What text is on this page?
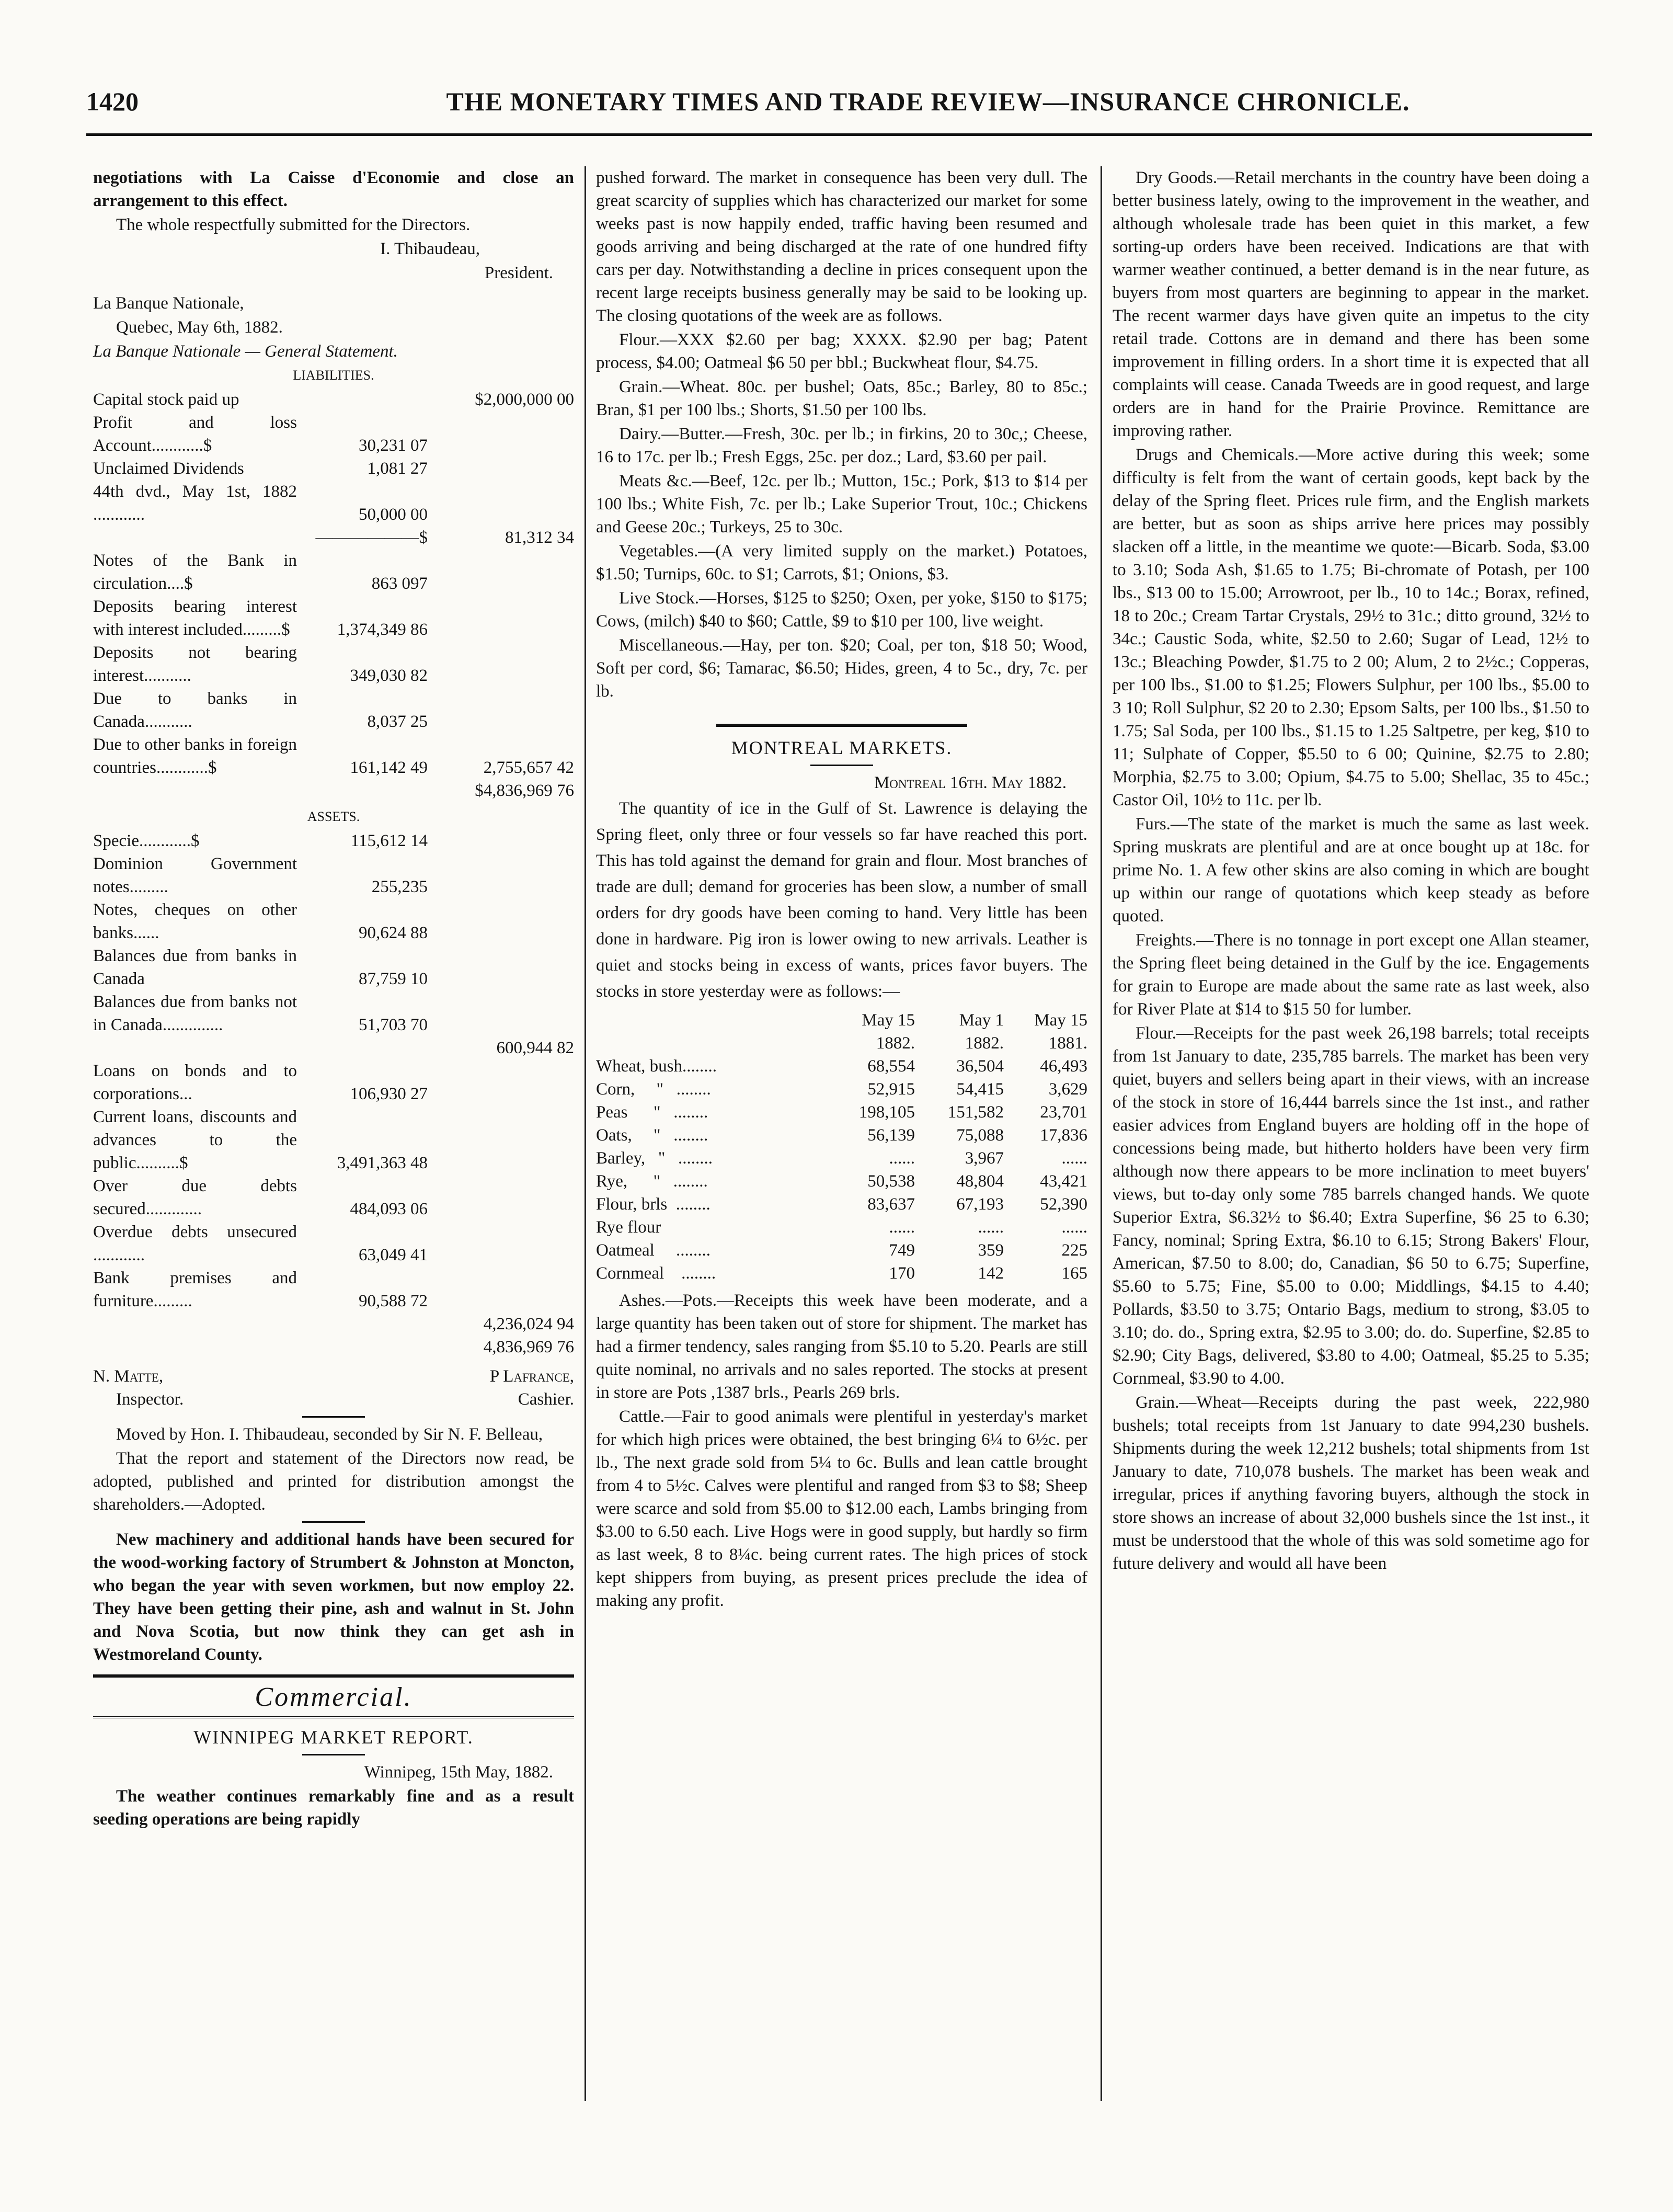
1420	THE MONETARY TIMES AND TRADE REVIEW—INSURANCE CHRONICLE.

negotiations with La Caisse d'Economie and close an arrangement to this effect.

The whole respectfully submitted for the Directors.

I. Thibaudeau,

President.

La Banque Nationale,

Quebec, May 6th, 1882.

La Banque Nationale — General Statement.

LIABILITIES.

Capital stock paid up		$2,000,000 00
Profit and loss Account............$	30,231 07	
Unclaimed Dividends	1,081 27	
44th dvd., May 1st, 1882 ............	50,000 00	
	——————$	81,312 34
Notes of the Bank in circulation....$	863 097	
Deposits bearing interest with interest included.........$	1,374,349 86	
Deposits not bearing interest...........	349,030 82	
Due to banks in Canada...........	8,037 25	
Due to other banks in foreign countries............$	161,142 49	2,755,657 42
		$4,836,969 76

ASSETS.

Specie............$	115,612 14	
Dominion Government notes.........	255,235	
Notes, cheques on other banks......	90,624 88	
Balances due from banks in Canada	87,759 10	
Balances due from banks not in Canada..............	51,703 70	
		600,944 82
Loans on bonds and to corporations...	106,930 27	
Current loans, discounts and advances to the public..........$	3,491,363 48	
Over due debts secured.............	484,093 06	
Overdue debts unsecured ............	63,049 41	
Bank premises and furniture.........	90,588 72	
		4,236,024 94
		4,836,969 76
N. Matte,	P Lafrance,
Inspector.	Cashier.

Moved by Hon. I. Thibaudeau, seconded by Sir N. F. Belleau,

That the report and statement of the Directors now read, be adopted, published and printed for distribution amongst the shareholders.—Adopted.

New machinery and additional hands have been secured for the wood-working factory of Strumbert & Johnston at Moncton, who began the year with seven workmen, but now employ 22. They have been getting their pine, ash and walnut in St. John and Nova Scotia, but now think they can get ash in Westmoreland County.

Commercial.
WINNIPEG MARKET REPORT.

Winnipeg, 15th May, 1882.

The weather continues remarkably fine and as a result seeding operations are being rapidly

pushed forward. The market in consequence has been very dull. The great scarcity of supplies which has characterized our market for some weeks past is now happily ended, traffic having been resumed and goods arriving and being discharged at the rate of one hundred fifty cars per day. Notwithstanding a decline in prices consequent upon the recent large receipts business generally may be said to be looking up. The closing quotations of the week are as follows.

Flour.—XXX $2.60 per bag; XXXX. $2.90 per bag; Patent process, $4.00; Oatmeal $6 50 per bbl.; Buckwheat flour, $4.75.

Grain.—Wheat. 80c. per bushel; Oats, 85c.; Barley, 80 to 85c.; Bran, $1 per 100 lbs.; Shorts, $1.50 per 100 lbs.

Dairy.—Butter.—Fresh, 30c. per lb.; in firkins, 20 to 30c,; Cheese, 16 to 17c. per lb.; Fresh Eggs, 25c. per doz.; Lard, $3.60 per pail.

Meats &c.—Beef, 12c. per lb.; Mutton, 15c.; Pork, $13 to $14 per 100 lbs.; White Fish, 7c. per lb.; Lake Superior Trout, 10c.; Chickens and Geese 20c.; Turkeys, 25 to 30c.

Vegetables.—(A very limited supply on the market.) Potatoes, $1.50; Turnips, 60c. to $1; Carrots, $1; Onions, $3.

Live Stock.—Horses, $125 to $250; Oxen, per yoke, $150 to $175; Cows, (milch) $40 to $60; Cattle, $9 to $10 per 100, live weight.

Miscellaneous.—Hay, per ton. $20; Coal, per ton, $18 50; Wood, Soft per cord, $6; Tamarac, $6.50; Hides, green, 4 to 5c., dry, 7c. per lb.

MONTREAL MARKETS.

Montreal 16th. May 1882.

The quantity of ice in the Gulf of St. Lawrence is delaying the Spring fleet, only three or four vessels so far have reached this port. This has told against the demand for grain and flour. Most branches of trade are dull; demand for groceries has been slow, a number of small orders for dry goods have been coming to hand. Very little has been done in hardware. Pig iron is lower owing to new arrivals. Leather is quiet and stocks being in excess of wants, prices favor buyers. The stocks in store yesterday were as follows:—

	May 15	May 1	May 15
	1882.	1882.	1881.
Wheat, bush........	68,554	36,504	46,493
Corn,     "   ........	52,915	54,415	3,629
Peas      "   ........	198,105	151,582	23,701
Oats,     "   ........	56,139	75,088	17,836
Barley,   "   ........	......	3,967	......
Rye,      "   ........	50,538	48,804	43,421
Flour, brls  ........	83,637	67,193	52,390
Rye flour	......	......	......
Oatmeal     ........	749	359	225
Cornmeal    ........	170	142	165

Ashes.—Pots.—Receipts this week have been moderate, and a large quantity has been taken out of store for shipment. The market has had a firmer tendency, sales ranging from $5.10 to 5.20. Pearls are still quite nominal, no arrivals and no sales reported. The stocks at present in store are Pots ,1387 brls., Pearls 269 brls.

Cattle.—Fair to good animals were plentiful in yesterday's market for which high prices were obtained, the best bringing 6¼ to 6½c. per lb., The next grade sold from 5¼ to 6c. Bulls and lean cattle brought from 4 to 5½c. Calves were plentiful and ranged from $3 to $8; Sheep were scarce and sold from $5.00 to $12.00 each, Lambs bringing from $3.00 to 6.50 each. Live Hogs were in good supply, but hardly so firm as last week, 8 to 8¼c. being current rates. The high prices of stock kept shippers from buying, as present prices preclude the idea of making any profit.

Dry Goods.—Retail merchants in the country have been doing a better business lately, owing to the improvement in the weather, and although wholesale trade has been quiet in this market, a few sorting-up orders have been received. Indications are that with warmer weather continued, a better demand is in the near future, as buyers from most quarters are beginning to appear in the market. The recent warmer days have given quite an impetus to the city retail trade. Cottons are in demand and there has been some improvement in filling orders. In a short time it is expected that all complaints will cease. Canada Tweeds are in good request, and large orders are in hand for the Prairie Province. Remittance are improving rather.

Drugs and Chemicals.—More active during this week; some difficulty is felt from the want of certain goods, kept back by the delay of the Spring fleet. Prices rule firm, and the English markets are better, but as soon as ships arrive here prices may possibly slacken off a little, in the meantime we quote:—Bicarb. Soda, $3.00 to 3.10; Soda Ash, $1.65 to 1.75; Bi-chromate of Potash, per 100 lbs., $13 00 to 15.00; Arrowroot, per lb., 10 to 14c.; Borax, refined, 18 to 20c.; Cream Tartar Crystals, 29½ to 31c.; ditto ground, 32½ to 34c.; Caustic Soda, white, $2.50 to 2.60; Sugar of Lead, 12½ to 13c.; Bleaching Powder, $1.75 to 2 00; Alum, 2 to 2½c.; Copperas, per 100 lbs., $1.00 to $1.25; Flowers Sulphur, per 100 lbs., $5.00 to 3 10; Roll Sulphur, $2 20 to 2.30; Epsom Salts, per 100 lbs., $1.50 to 1.75; Sal Soda, per 100 lbs., $1.15 to 1.25 Saltpetre, per keg, $10 to 11; Sulphate of Copper, $5.50 to 6 00; Quinine, $2.75 to 2.80; Morphia, $2.75 to 3.00; Opium, $4.75 to 5.00; Shellac, 35 to 45c.; Castor Oil, 10½ to 11c. per lb.

Furs.—The state of the market is much the same as last week. Spring muskrats are plentiful and are at once bought up at 18c. for prime No. 1. A few other skins are also coming in which are bought up within our range of quotations which keep steady as before quoted.

Freights.—There is no tonnage in port except one Allan steamer, the Spring fleet being detained in the Gulf by the ice. Engagements for grain to Europe are made about the same rate as last week, also for River Plate at $14 to $15 50 for lumber.

Flour.—Receipts for the past week 26,198 barrels; total receipts from 1st January to date, 235,785 barrels. The market has been very quiet, buyers and sellers being apart in their views, with an increase of the stock in store of 16,444 barrels since the 1st inst., and rather easier advices from England buyers are holding off in the hope of concessions being made, but hitherto holders have been very firm although now there appears to be more inclination to meet buyers' views, but to-day only some 785 barrels changed hands. We quote Superior Extra, $6.32½ to $6.40; Extra Superfine, $6 25 to 6.30; Fancy, nominal; Spring Extra, $6.10 to 6.15; Strong Bakers' Flour, American, $7.50 to 8.00; do, Canadian, $6 50 to 6.75; Superfine, $5.60 to 5.75; Fine, $5.00 to 0.00; Middlings, $4.15 to 4.40; Pollards, $3.50 to 3.75; Ontario Bags, medium to strong, $3.05 to 3.10; do. do., Spring extra, $2.95 to 3.00; do. do. Superfine, $2.85 to $2.90; City Bags, delivered, $3.80 to 4.00; Oatmeal, $5.25 to 5.35; Cornmeal, $3.90 to 4.00.

Grain.—Wheat—Receipts during the past week, 222,980 bushels; total receipts from 1st January to date 994,230 bushels. Shipments during the week 12,212 bushels; total shipments from 1st January to date, 710,078 bushels. The market has been weak and irregular, prices if anything favoring buyers, although the stock in store shows an increase of about 32,000 bushels since the 1st inst., it must be understood that the whole of this was sold sometime ago for future delivery and would all have been
